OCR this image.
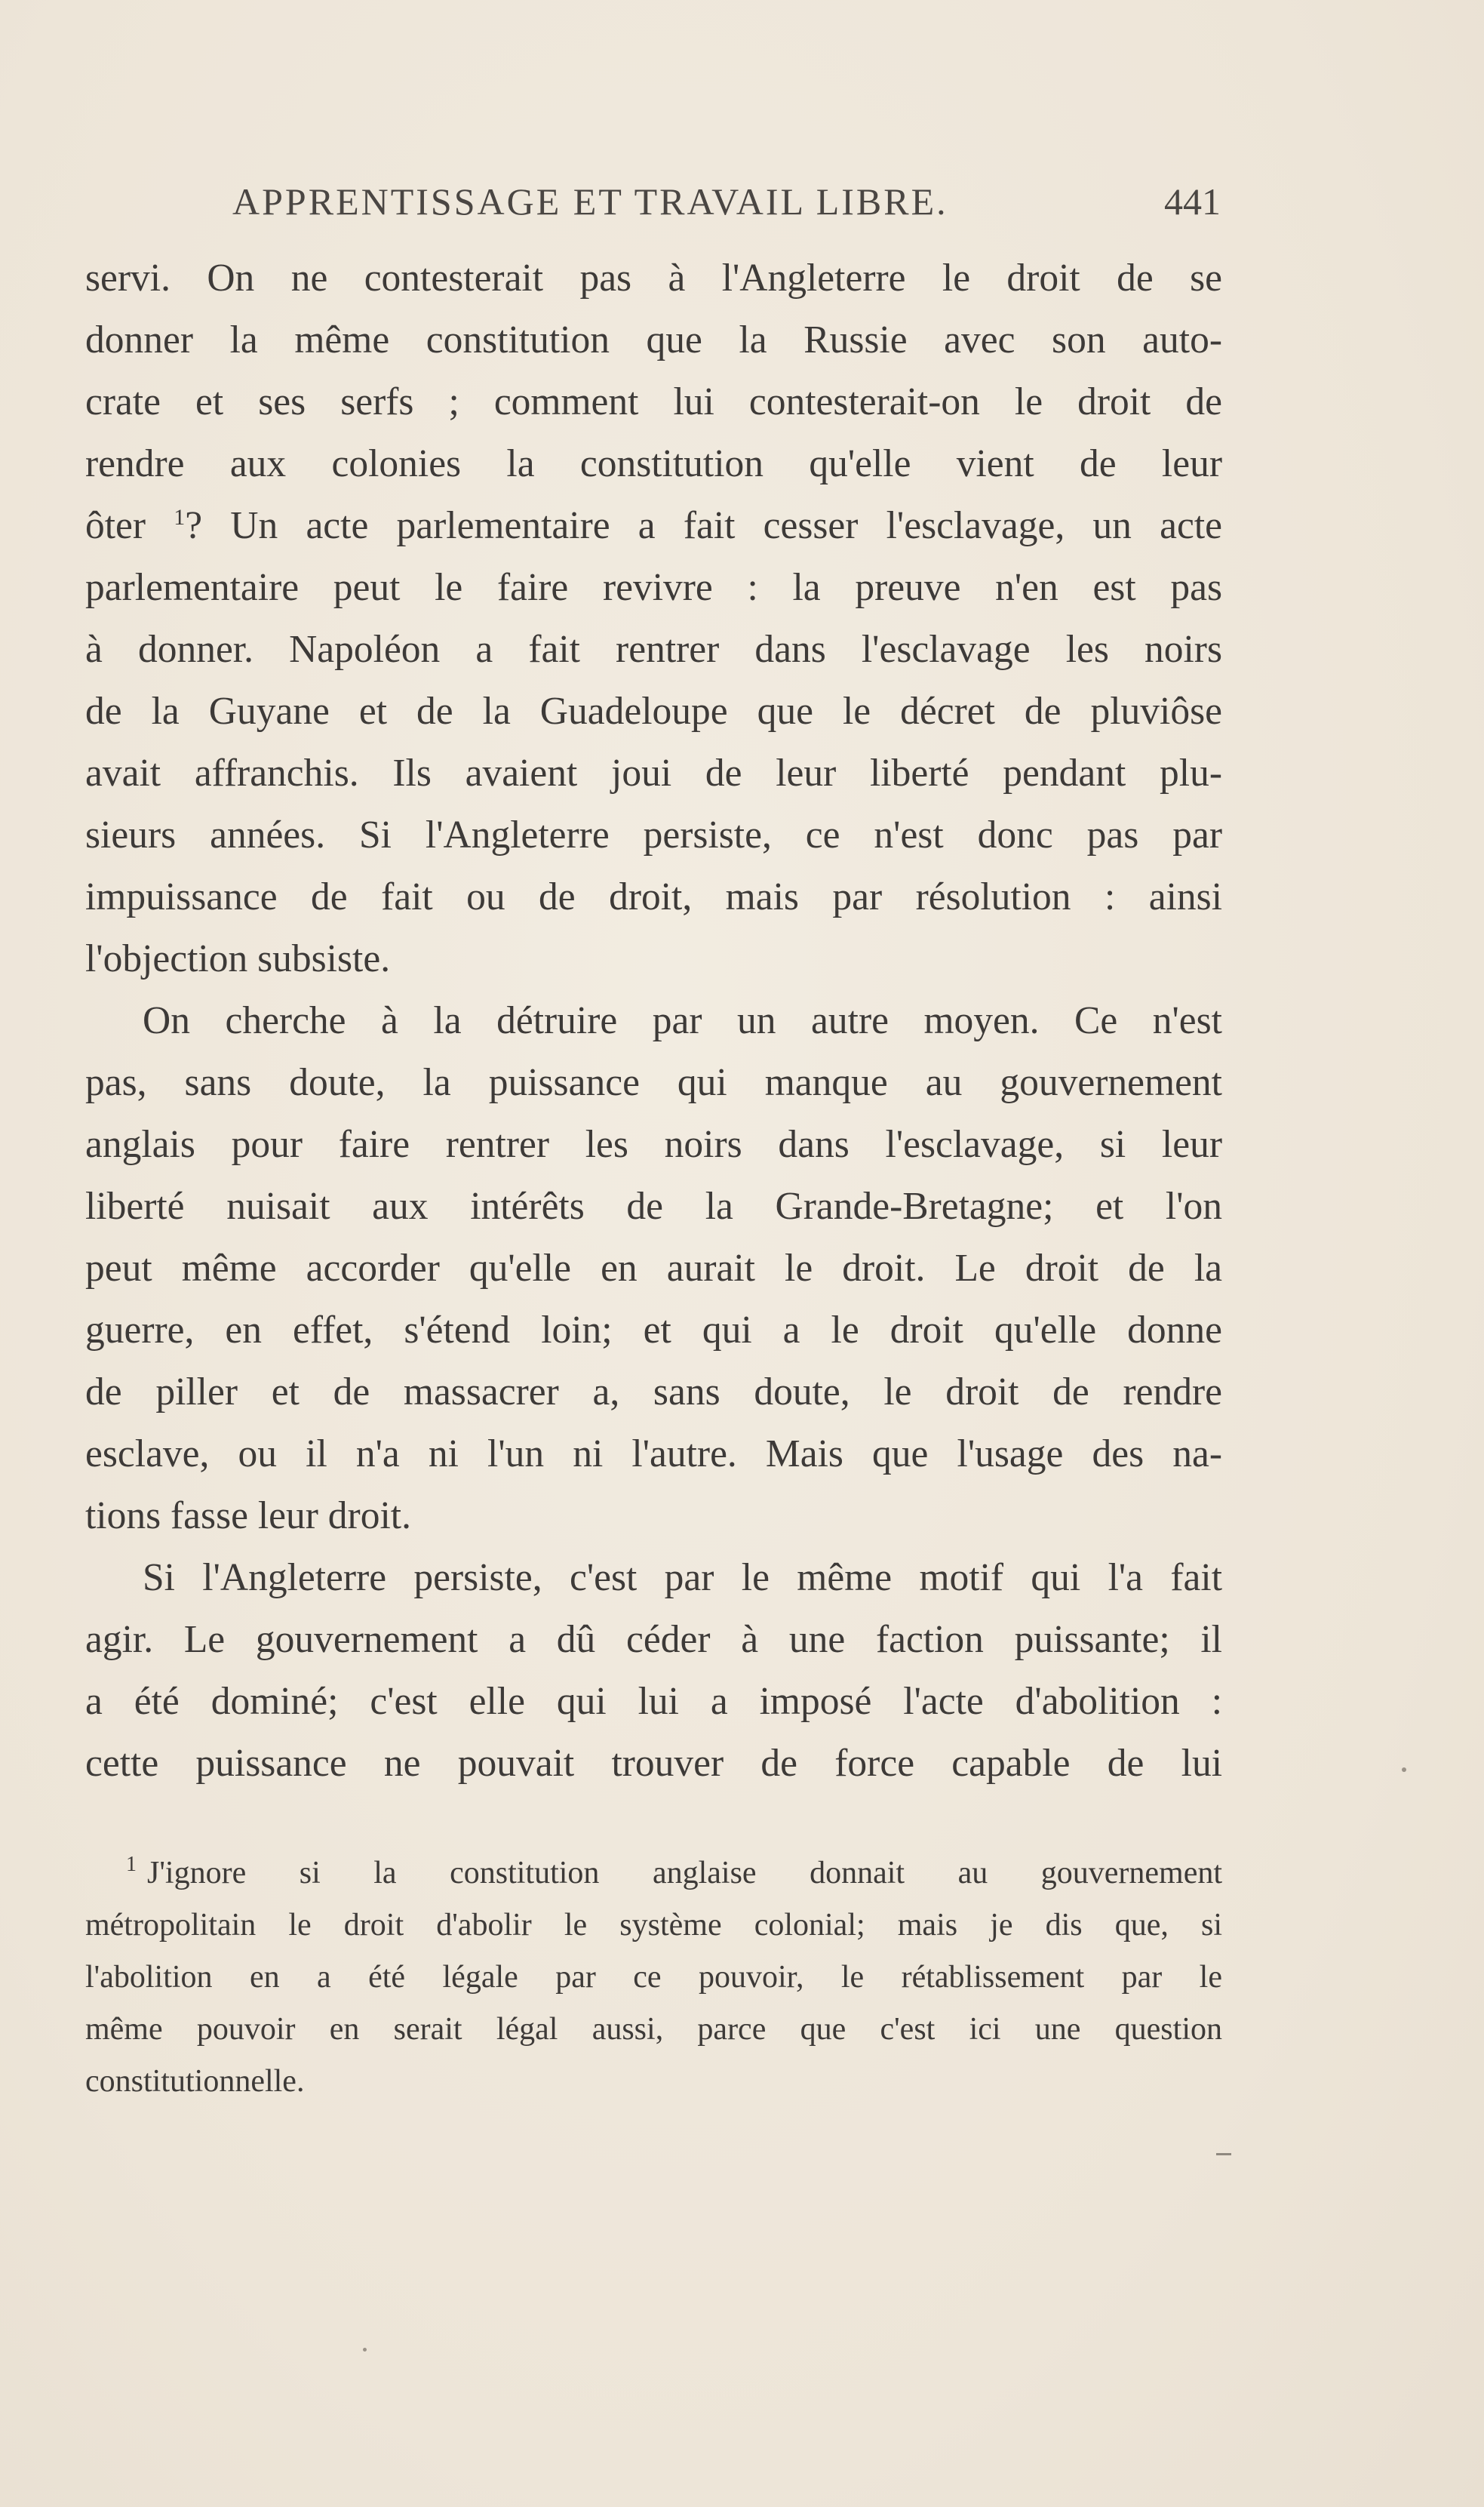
APPRENTISSAGE ET TRAVAIL LIBRE.	441
servi. On ne contesterait pas à l'Angleterre le droit de se
donner la même constitution que la Russie avec son auto-
crate et ses serfs ; comment lui contesterait-on le droit de
rendre aux colonies la constitution qu'elle vient de leur
ôter $^1$? Un acte parlementaire a fait cesser l'esclavage, un acte
parlementaire peut le faire revivre : la preuve n'en est pas
à donner. Napoléon a fait rentrer dans l'esclavage les noirs
de la Guyane et de la Guadeloupe que le décret de pluviôse
avait affranchis. Ils avaient joui de leur liberté pendant plu-
sieurs années. Si l'Angleterre persiste, ce n'est donc pas par
impuissance de fait ou de droit, mais par résolution : ainsi
l'objection subsiste.
On cherche à la détruire par un autre moyen. Ce n'est
pas, sans doute, la puissance qui manque au gouvernement
anglais pour faire rentrer les noirs dans l'esclavage, si leur
liberté nuisait aux intérêts de la Grande-Bretagne; et l'on
peut même accorder qu'elle en aurait le droit. Le droit de la
guerre, en effet, s'étend loin; et qui a le droit qu'elle donne
de piller et de massacrer a, sans doute, le droit de rendre
esclave, ou il n'a ni l'un ni l'autre. Mais que l'usage des na-
tions fasse leur droit.
Si l'Angleterre persiste, c'est par le même motif qui l'a fait
agir. Le gouvernement a dû céder à une faction puissante; il
a été dominé; c'est elle qui lui a imposé l'acte d'abolition :
cette puissance ne pouvait trouver de force capable de lui
$^1$ J'ignore si la constitution anglaise donnait au gouvernement
métropolitain le droit d'abolir le système colonial; mais je dis que, si
l'abolition en a été légale par ce pouvoir, le rétablissement par le
même pouvoir en serait légal aussi, parce que c'est ici une question
constitutionnelle.
